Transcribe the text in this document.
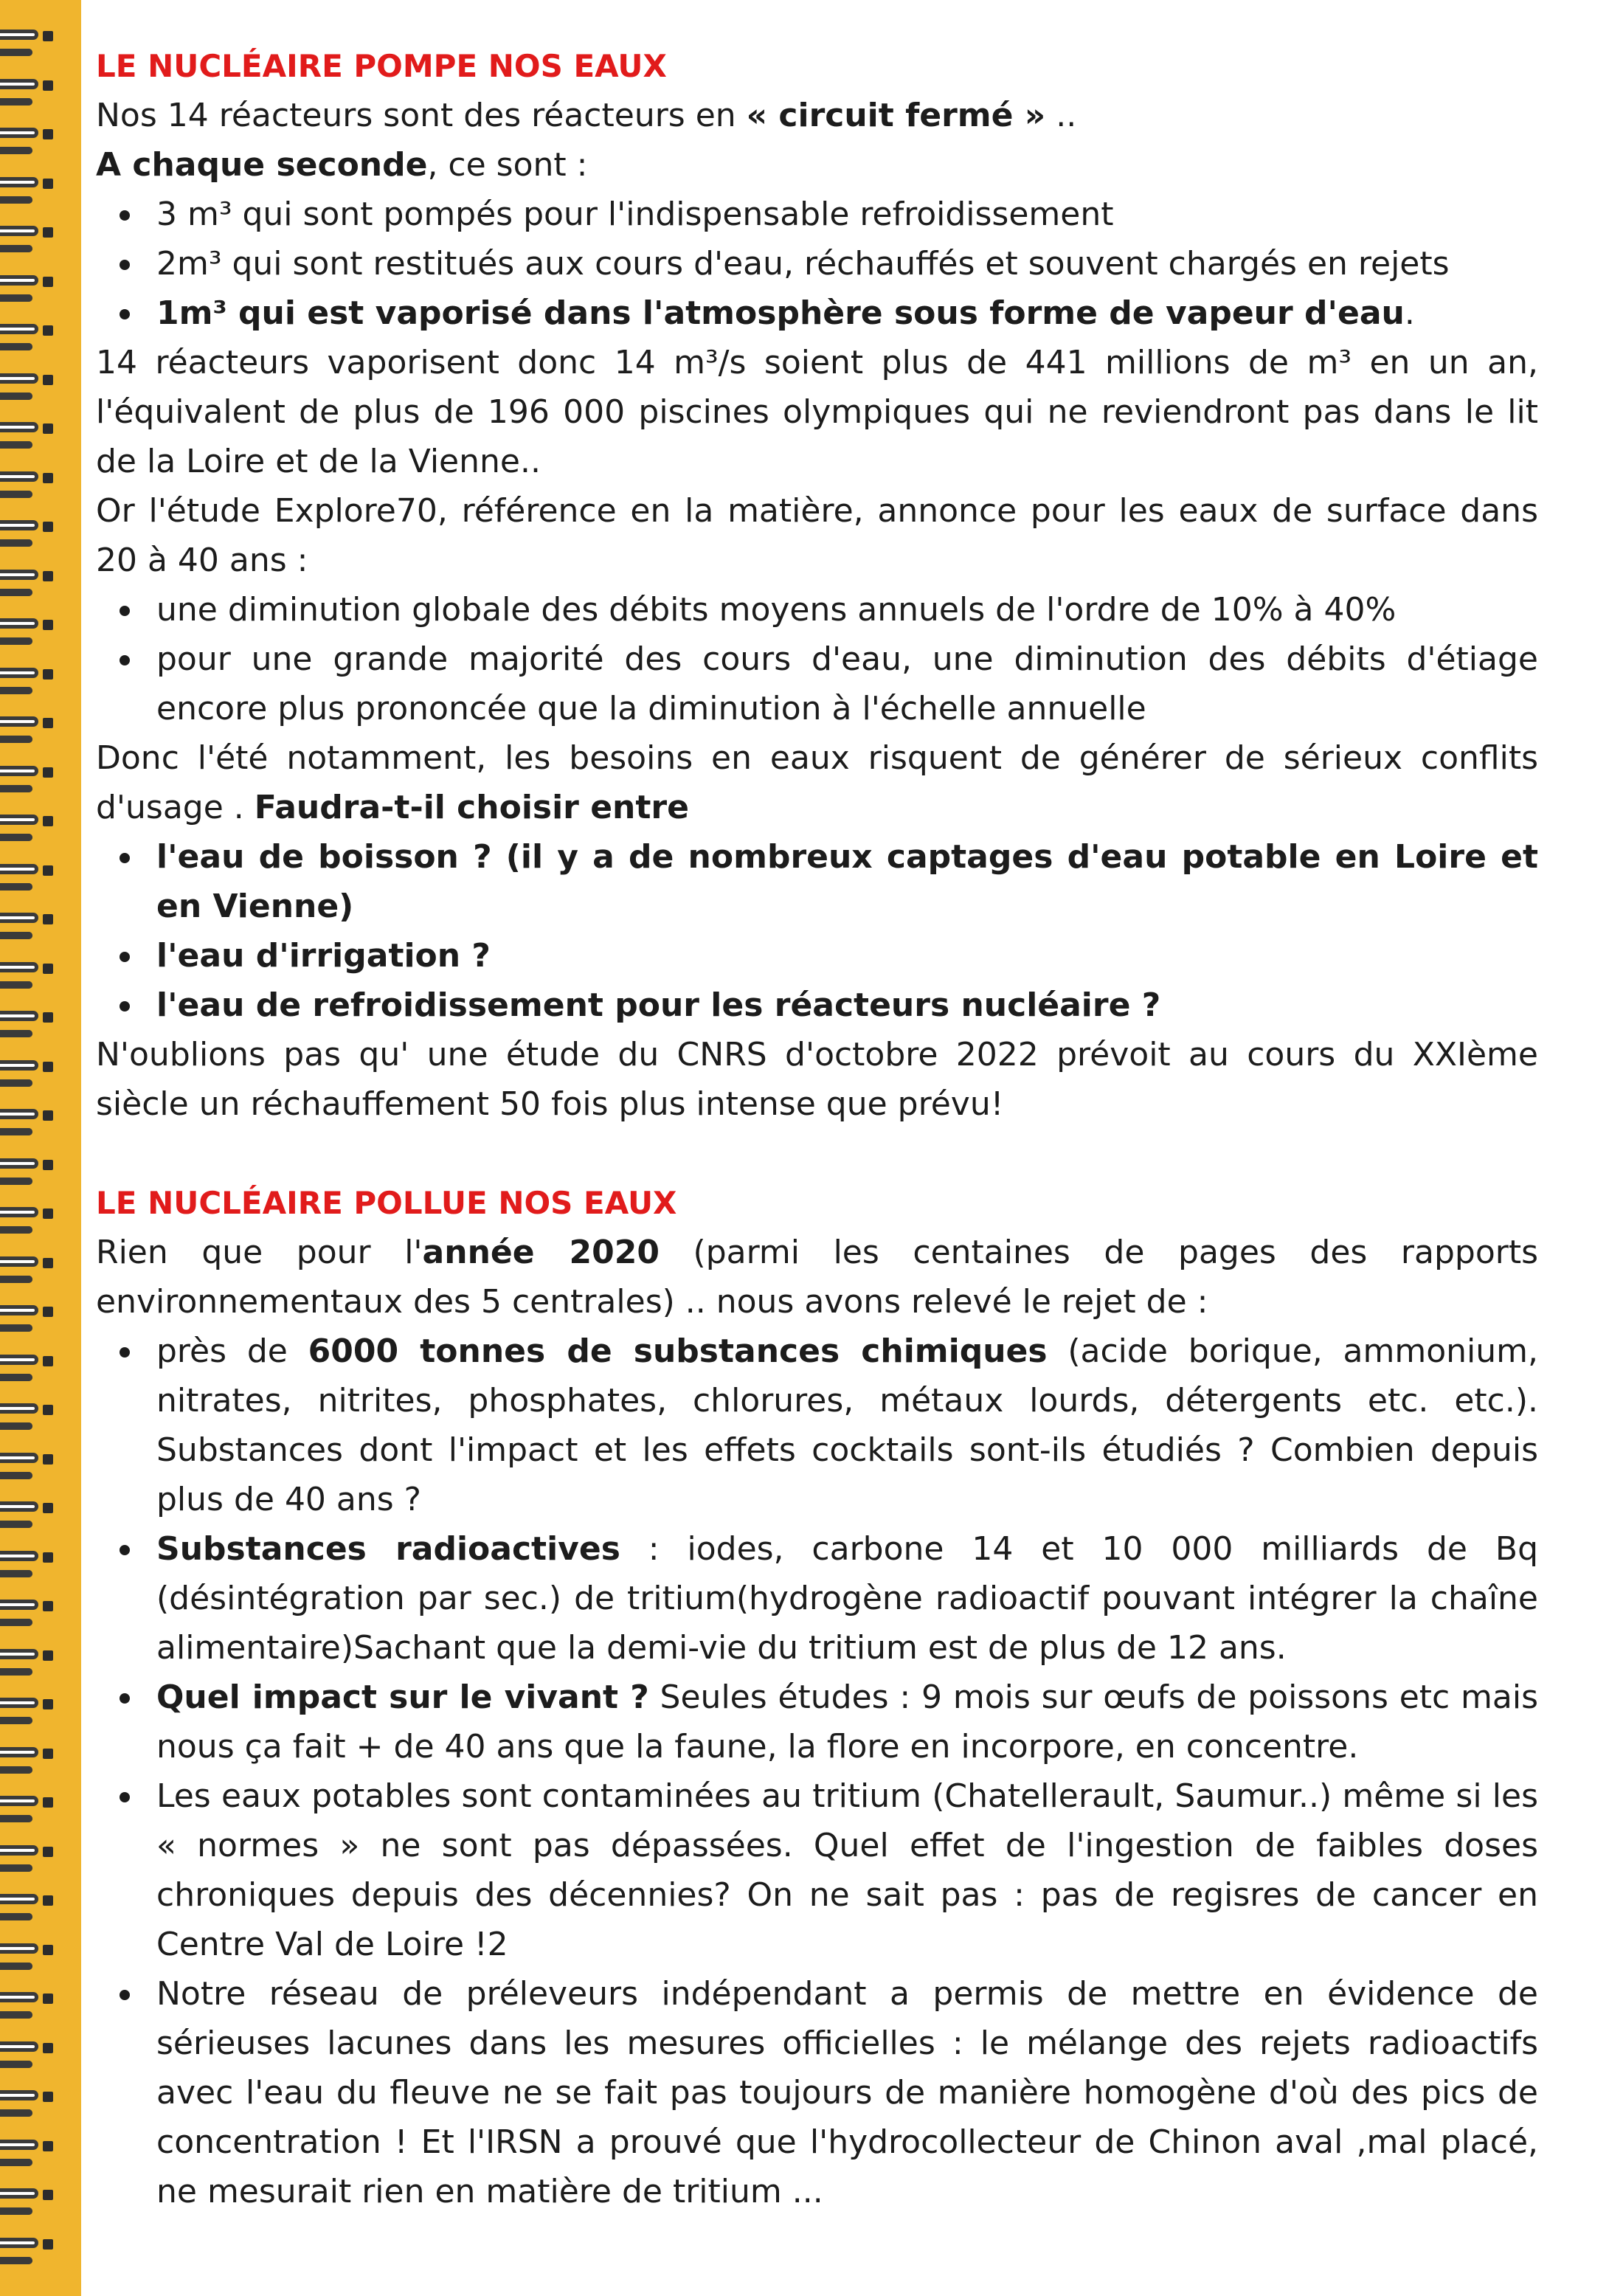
LE NUCLÉAIRE POMPE NOS EAUX

Nos 14 réacteurs sont des réacteurs en « circuit fermé » ..

A chaque seconde, ce sont :

3 m³ qui sont pompés pour l'indispensable refroidissement
2m³ qui sont restitués aux cours d'eau, réchauffés et souvent chargés en rejets
1m³ qui est vaporisé dans l'atmosphère sous forme de vapeur d'eau.

14 réacteurs vaporisent donc 14 m³/s soient plus de 441 millions de m³ en un an, l'équivalent de plus de 196 000 piscines olympiques qui ne reviendront pas dans le lit de la Loire et de la Vienne..

Or l'étude Explore70, référence en la matière, annonce pour les eaux de surface dans 20 à 40 ans :

une diminution globale des débits moyens annuels de l'ordre de 10% à 40%
pour une grande majorité des cours d'eau, une diminution des débits d'étiage encore plus prononcée que la diminution à l'échelle annuelle

Donc l'été notamment, les besoins en eaux risquent de générer de sérieux conflits d'usage . Faudra-t-il choisir entre

l'eau de boisson ? (il y a de nombreux captages d'eau potable en Loire et en Vienne)
l'eau d'irrigation ?
l'eau de refroidissement pour les réacteurs nucléaire ?

N'oublions pas qu' une étude du CNRS d'octobre 2022 prévoit au cours du XXIème siècle un réchauffement 50 fois plus intense que prévu!

LE NUCLÉAIRE POLLUE NOS EAUX

Rien que pour l'année 2020 (parmi les centaines de pages des rapports environnementaux des 5 centrales) .. nous avons relevé le rejet de :

près de 6000 tonnes de substances chimiques (acide borique, ammonium, nitrates, nitrites, phosphates, chlorures, métaux lourds, détergents etc. etc.). Substances dont l'impact et les effets cocktails sont-ils étudiés ? Combien depuis plus de 40 ans ?
Substances radioactives : iodes, carbone 14 et 10 000 milliards de Bq (désintégration par sec.) de tritium(hydrogène radioactif pouvant intégrer la chaîne alimentaire)Sachant que la demi-vie du tritium est de plus de 12 ans.
Quel impact sur le vivant ? Seules études : 9 mois sur œufs de poissons etc mais nous ça fait + de 40 ans que la faune, la flore en incorpore, en concentre.
Les eaux potables sont contaminées au tritium (Chatellerault, Saumur..) même si les « normes » ne sont pas dépassées. Quel effet de l'ingestion de faibles doses chroniques depuis des décennies? On ne sait pas : pas de regisres de cancer en Centre Val de Loire !2
Notre réseau de préleveurs indépendant a permis de mettre en évidence de sérieuses lacunes dans les mesures officielles : le mélange des rejets radioactifs avec l'eau du fleuve ne se fait pas toujours de manière homogène d'où des pics de concentration ! Et l'IRSN a prouvé que l'hydrocollecteur de Chinon aval ,mal placé, ne mesurait rien en matière de tritium ...
